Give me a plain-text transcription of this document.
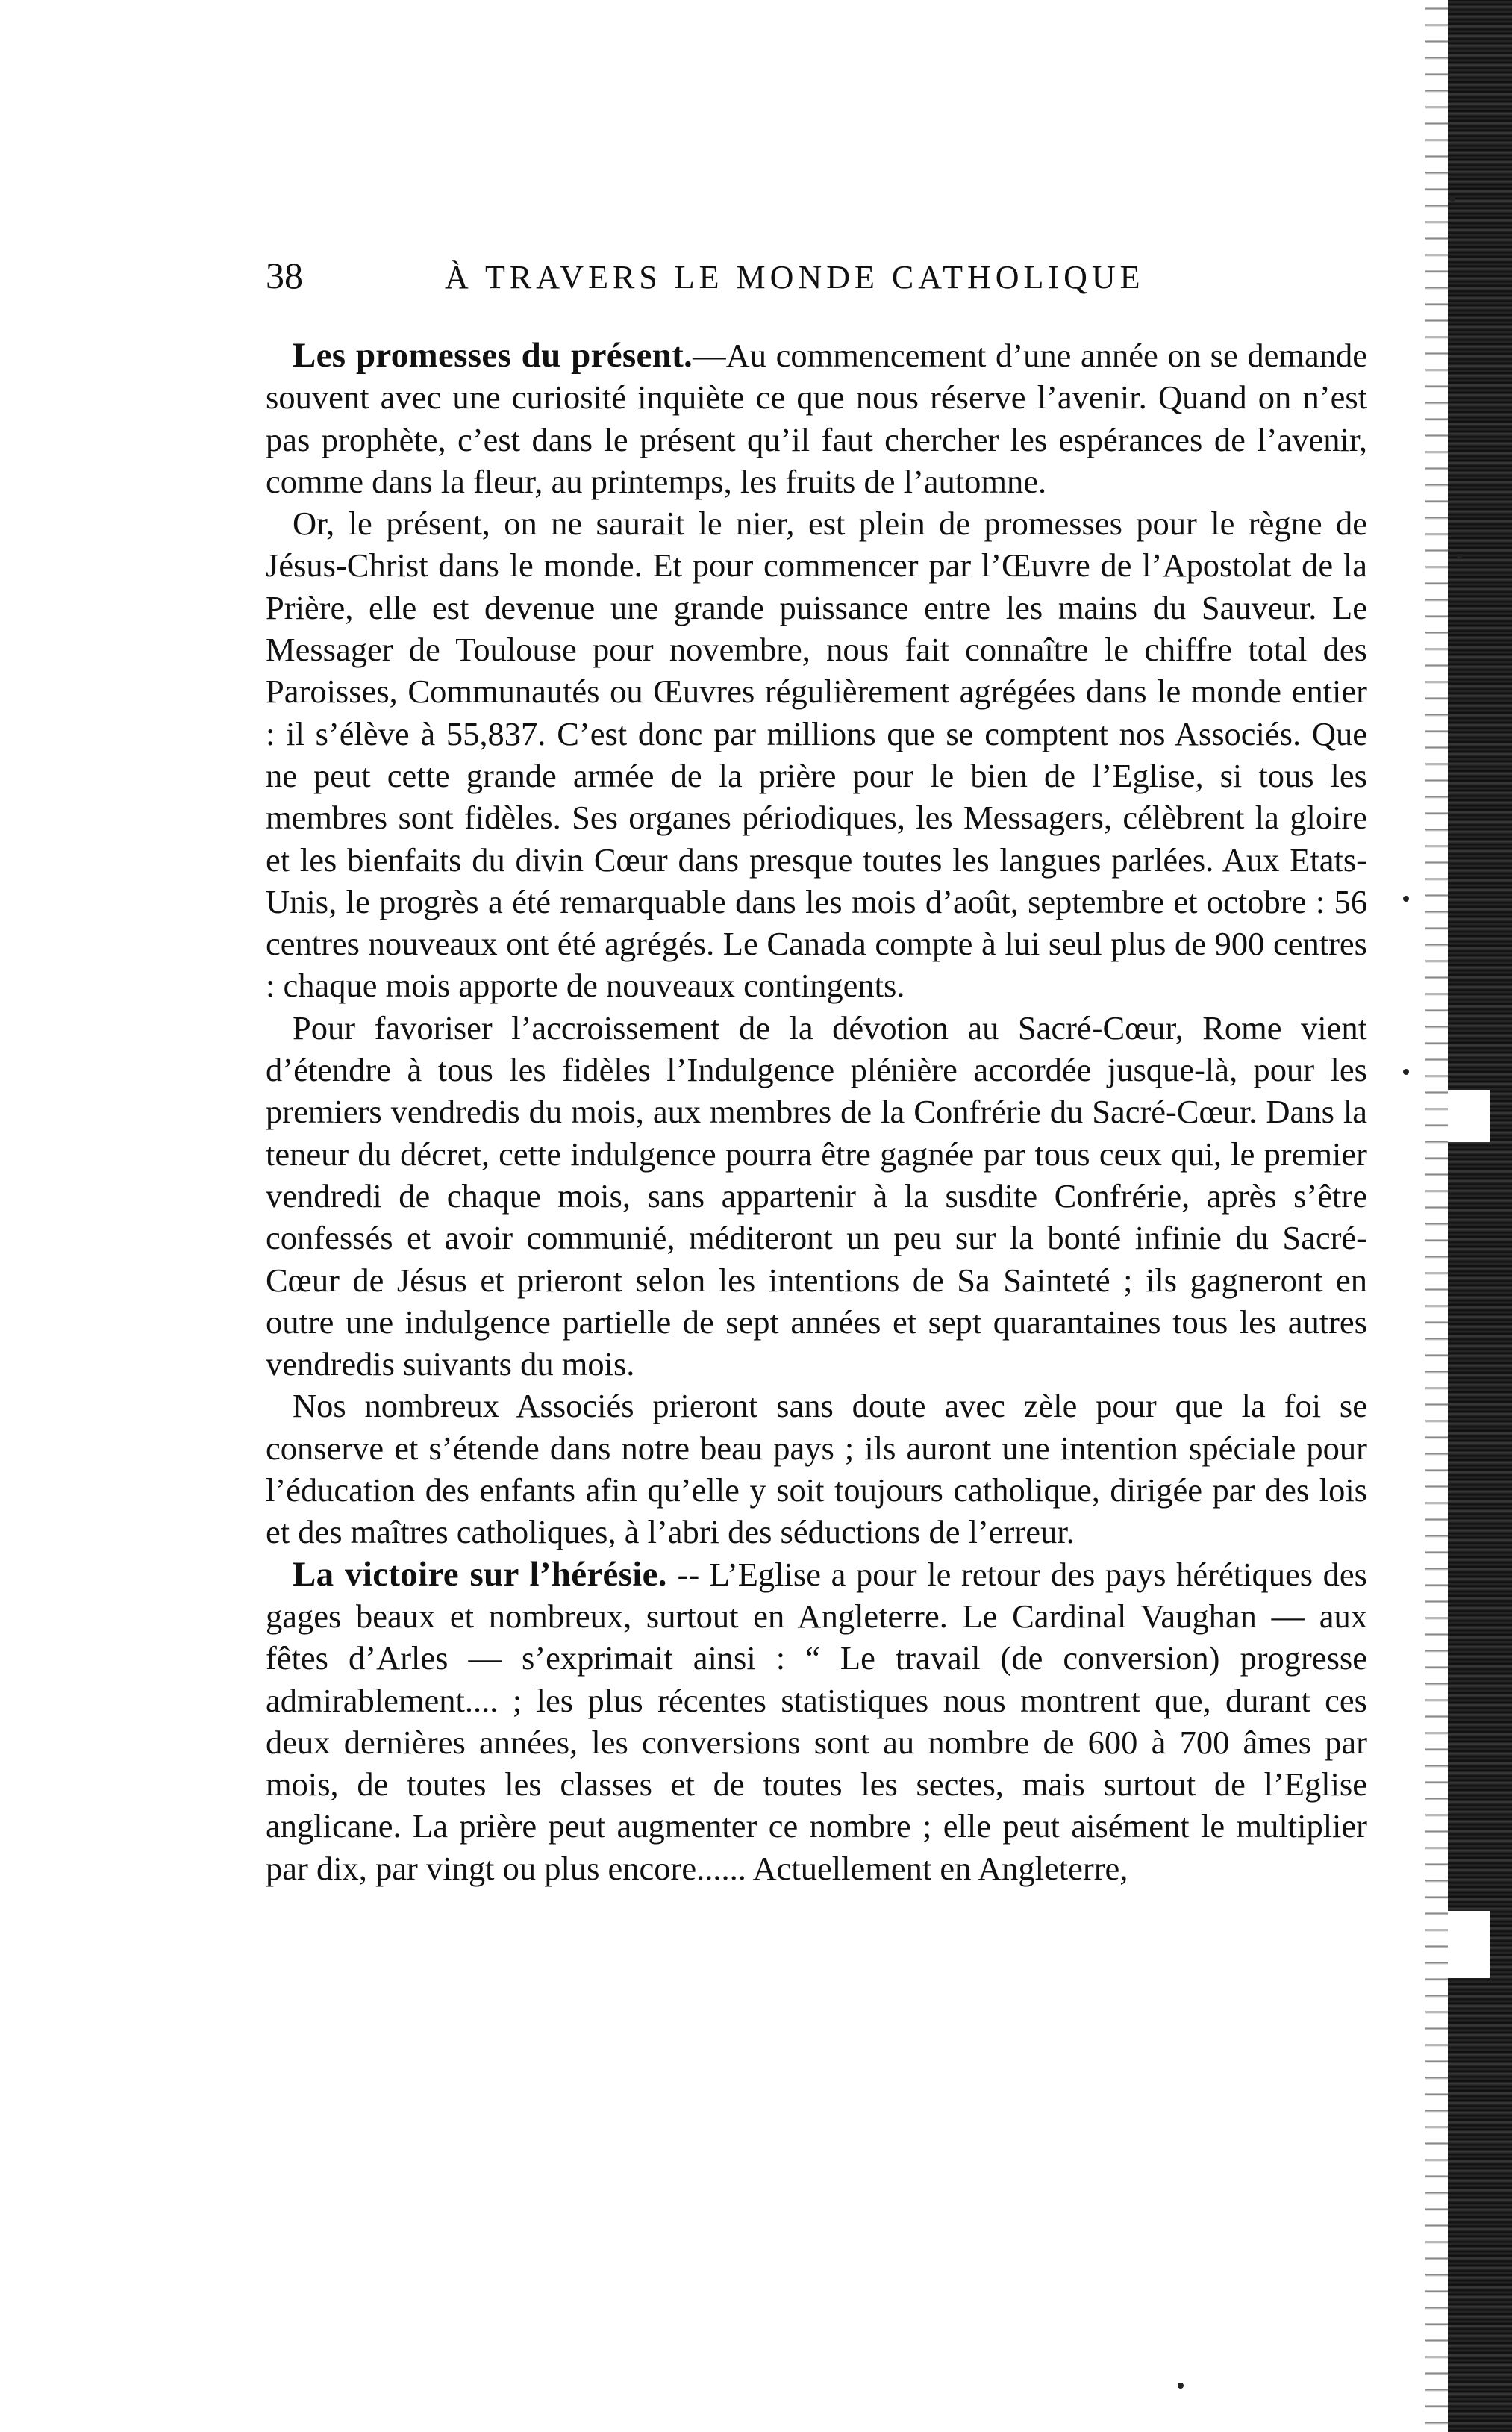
38	À TRAVERS LE MONDE CATHOLIQUE

Les promesses du présent.—Au commencement d’une année on se demande souvent avec une curiosité inquiète ce que nous réserve l’avenir. Quand on n’est pas prophète, c’est dans le présent qu’il faut chercher les espérances de l’avenir, comme dans la fleur, au printemps, les fruits de l’automne.

Or, le présent, on ne saurait le nier, est plein de promesses pour le règne de Jésus-Christ dans le monde. Et pour commencer par l’Œuvre de l’Apostolat de la Prière, elle est devenue une grande puissance entre les mains du Sauveur. Le Messager de Toulouse pour novembre, nous fait connaître le chiffre total des Paroisses, Communautés ou Œuvres régulièrement agrégées dans le monde entier : il s’élève à 55,837. C’est donc par millions que se comptent nos Associés. Que ne peut cette grande armée de la prière pour le bien de l’Eglise, si tous les membres sont fidèles. Ses organes périodiques, les Messagers, célèbrent la gloire et les bienfaits du divin Cœur dans presque toutes les langues parlées. Aux Etats-Unis, le progrès a été remarquable dans les mois d’août, septembre et octobre : 56 centres nouveaux ont été agrégés. Le Canada compte à lui seul plus de 900 centres : chaque mois apporte de nouveaux contingents.

Pour favoriser l’accroissement de la dévotion au Sacré-Cœur, Rome vient d’étendre à tous les fidèles l’Indulgence plénière accordée jusque-là, pour les premiers vendredis du mois, aux membres de la Confrérie du Sacré-Cœur. Dans la teneur du décret, cette indulgence pourra être gagnée par tous ceux qui, le premier vendredi de chaque mois, sans appartenir à la susdite Confrérie, après s’être confessés et avoir communié, méditeront un peu sur la bonté infinie du Sacré-Cœur de Jésus et prieront selon les intentions de Sa Sainteté ; ils gagneront en outre une indulgence partielle de sept années et sept quarantaines tous les autres vendredis suivants du mois.

Nos nombreux Associés prieront sans doute avec zèle pour que la foi se conserve et s’étende dans notre beau pays ; ils auront une intention spéciale pour l’éducation des enfants afin qu’elle y soit toujours catholique, dirigée par des lois et des maîtres catholiques, à l’abri des séductions de l’erreur.

La victoire sur l’hérésie. -- L’Eglise a pour le retour des pays hérétiques des gages beaux et nombreux, surtout en Angleterre. Le Cardinal Vaughan — aux fêtes d’Arles — s’exprimait ainsi : “ Le travail (de conversion) progresse admirablement.... ; les plus récentes statistiques nous montrent que, durant ces deux dernières années, les conversions sont au nombre de 600 à 700 âmes par mois, de toutes les classes et de toutes les sectes, mais surtout de l’Eglise anglicane. La prière peut augmenter ce nombre ; elle peut aisément le multiplier par dix, par vingt ou plus encore...... Actuellement en Angleterre,
